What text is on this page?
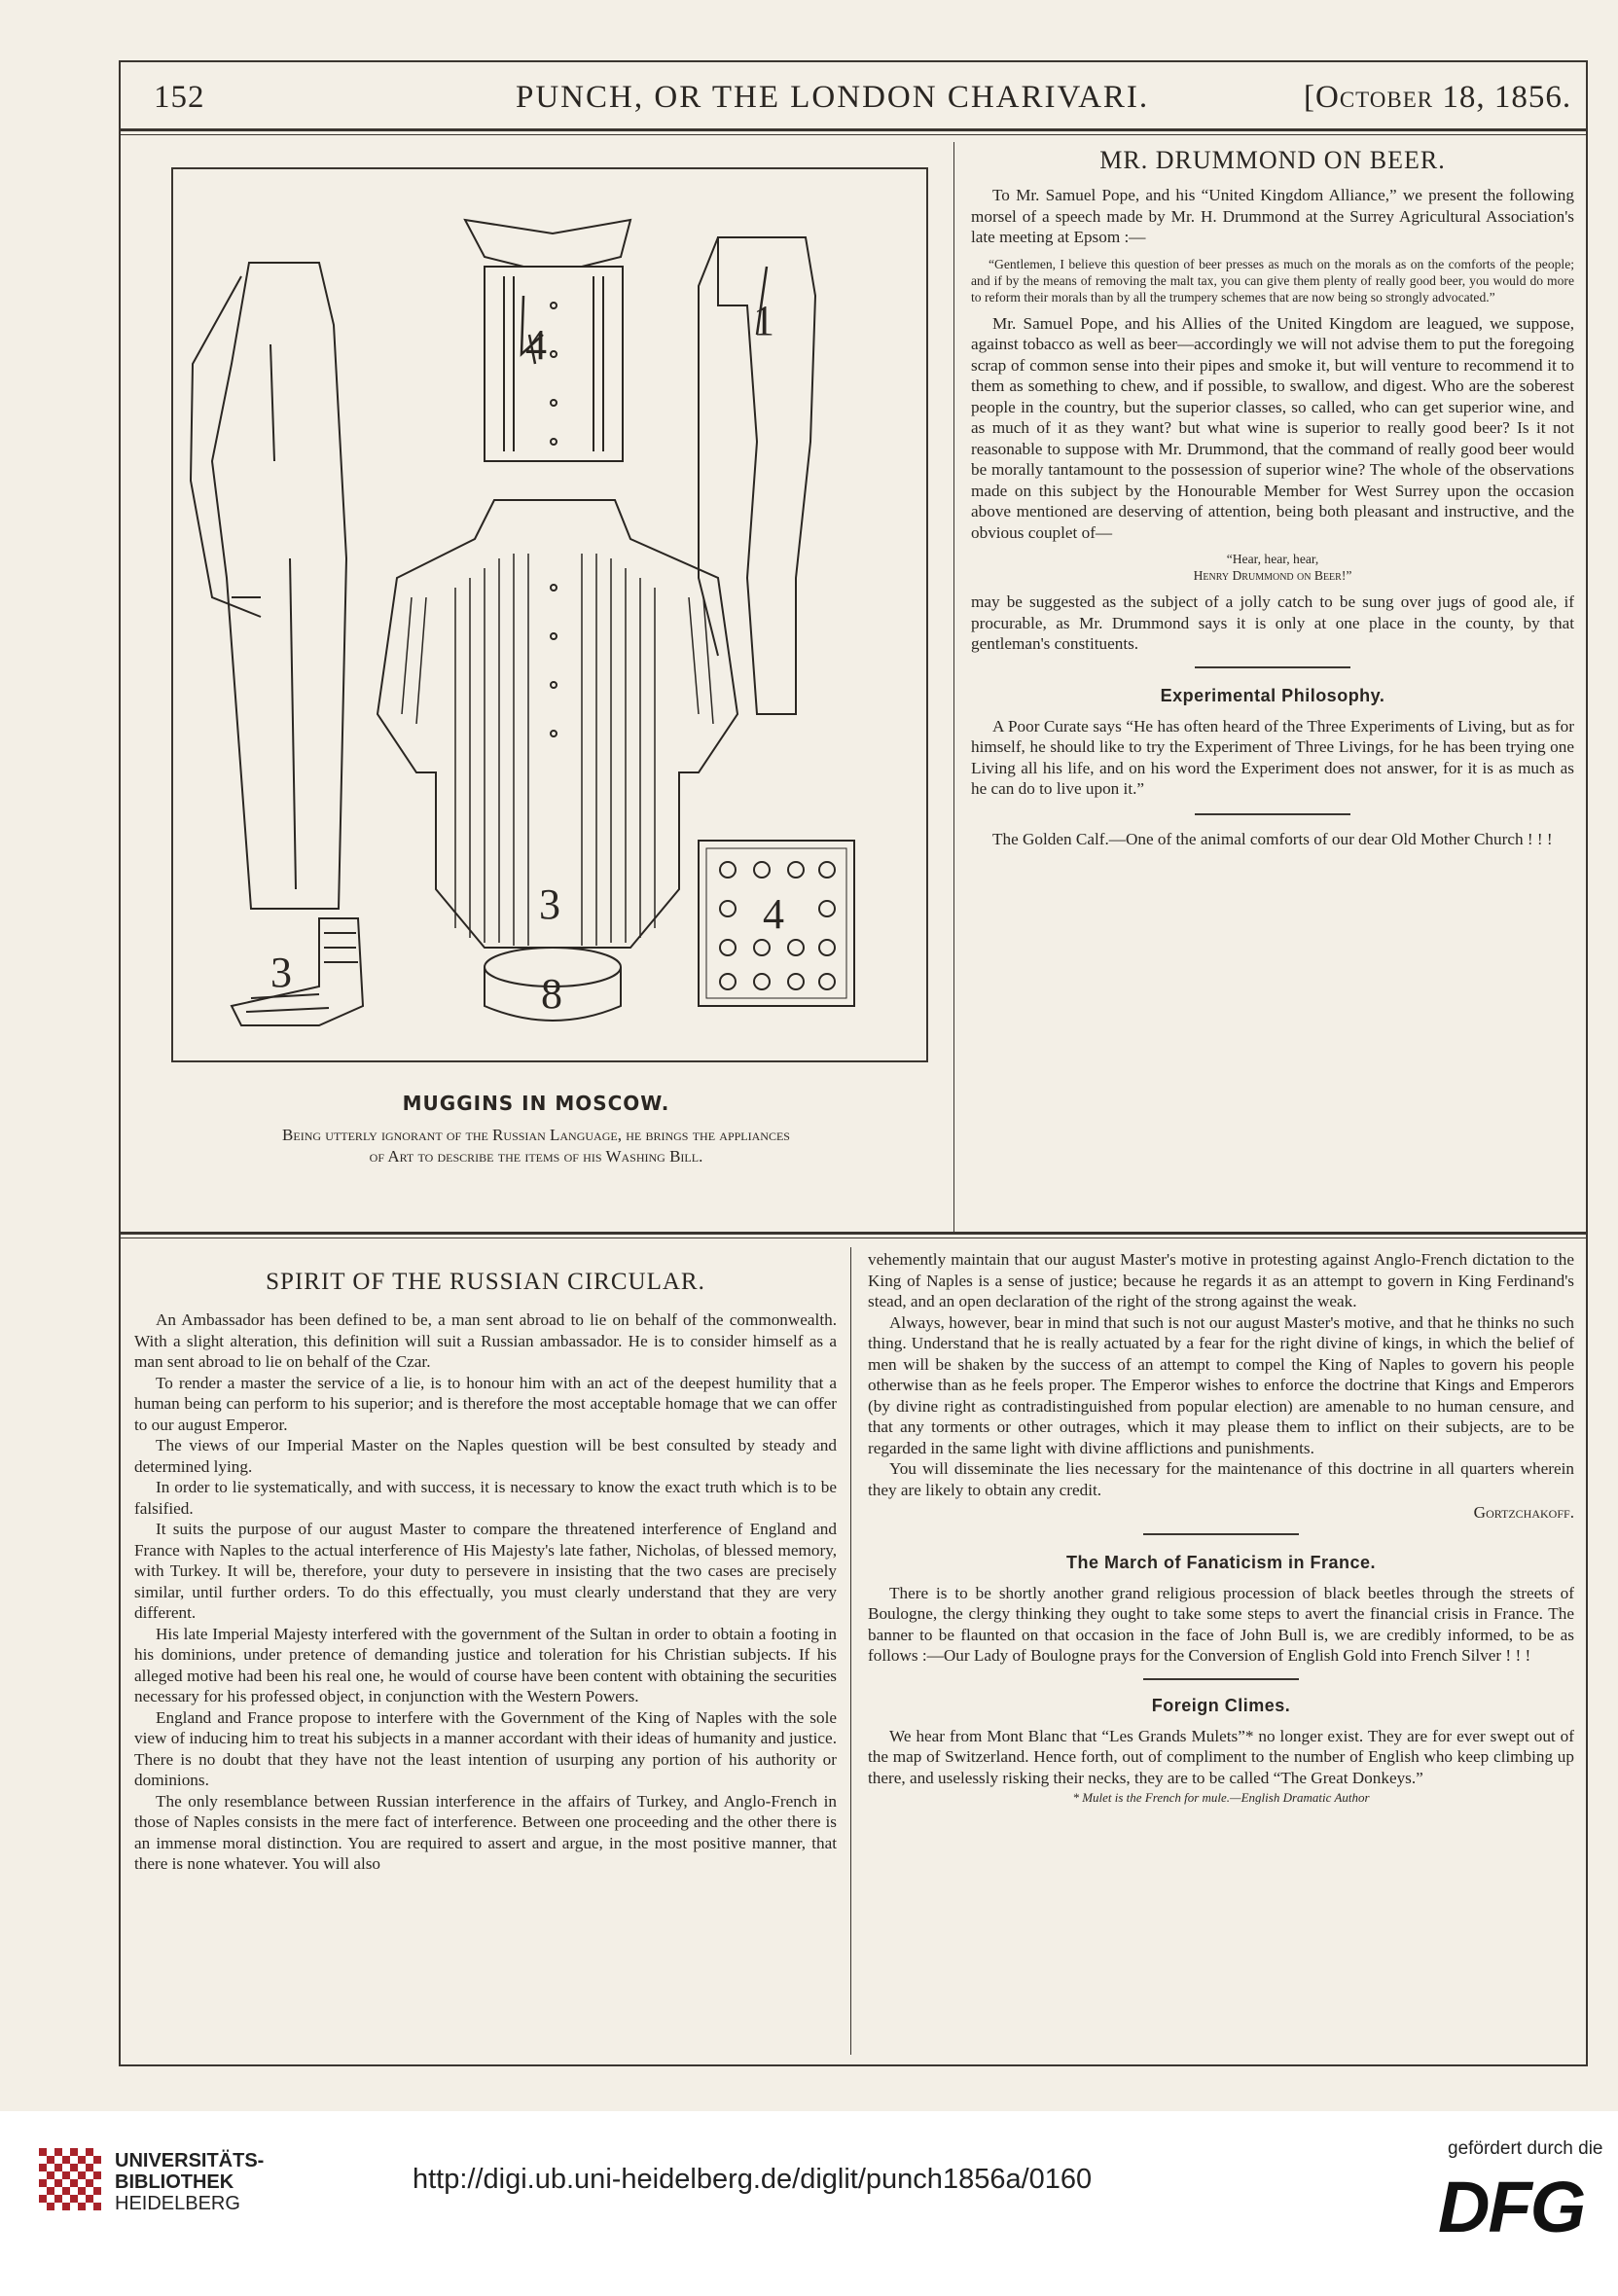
152	PUNCH, OR THE LONDON CHARIVARI.	[October 18, 1856.
4
1
3
8
3
4
MUGGINS IN MOSCOW.
Being utterly ignorant of the Russian Language, he brings the appliances
of Art to describe the items of his Washing Bill.
MR. DRUMMOND ON BEER.

To Mr. Samuel Pope, and his “United Kingdom Alliance,” we present the following morsel of a speech made by Mr. H. Drummond at the Surrey Agricultural Association's late meeting at Epsom :—

“Gentlemen, I believe this question of beer presses as much on the morals as on the comforts of the people; and if by the means of removing the malt tax, you can give them plenty of really good beer, you would do more to reform their morals than by all the trumpery schemes that are now being so strongly advocated.”

Mr. Samuel Pope, and his Allies of the United Kingdom are leagued, we suppose, against tobacco as well as beer—accordingly we will not advise them to put the foregoing scrap of common sense into their pipes and smoke it, but will venture to recommend it to them as something to chew, and if possible, to swallow, and digest. Who are the soberest people in the country, but the superior classes, so called, who can get superior wine, and as much of it as they want? but what wine is superior to really good beer? Is it not reasonable to suppose with Mr. Drummond, that the command of really good beer would be morally tantamount to the possession of superior wine? The whole of the observations made on this subject by the Honourable Member for West Surrey upon the occasion above mentioned are deserving of attention, being both pleasant and instructive, and the obvious couplet of—

“Hear, hear, hear,
Henry Drummond on Beer!”

may be suggested as the subject of a jolly catch to be sung over jugs of good ale, if procurable, as Mr. Drummond says it is only at one place in the county, by that gentleman's constituents.

Experimental Philosophy.

A Poor Curate says “He has often heard of the Three Experiments of Living, but as for himself, he should like to try the Experiment of Three Livings, for he has been trying one Living all his life, and on his word the Experiment does not answer, for it is as much as he can do to live upon it.”

The Golden Calf.—One of the animal comforts of our dear Old Mother Church ! ! !

SPIRIT OF THE RUSSIAN CIRCULAR.

An Ambassador has been defined to be, a man sent abroad to lie on behalf of the commonwealth. With a slight alteration, this definition will suit a Russian ambassador. He is to consider himself as a man sent abroad to lie on behalf of the Czar.

To render a master the service of a lie, is to honour him with an act of the deepest humility that a human being can perform to his superior; and is therefore the most acceptable homage that we can offer to our august Emperor.

The views of our Imperial Master on the Naples question will be best consulted by steady and determined lying.

In order to lie systematically, and with success, it is necessary to know the exact truth which is to be falsified.

It suits the purpose of our august Master to compare the threatened interference of England and France with Naples to the actual interference of His Majesty's late father, Nicholas, of blessed memory, with Turkey. It will be, therefore, your duty to persevere in insisting that the two cases are precisely similar, until further orders. To do this effectually, you must clearly understand that they are very different.

His late Imperial Majesty interfered with the government of the Sultan in order to obtain a footing in his dominions, under pretence of demanding justice and toleration for his Christian subjects. If his alleged motive had been his real one, he would of course have been content with obtaining the securities necessary for his professed object, in conjunction with the Western Powers.

England and France propose to interfere with the Government of the King of Naples with the sole view of inducing him to treat his subjects in a manner accordant with their ideas of humanity and justice. There is no doubt that they have not the least intention of usurping any portion of his authority or dominions.

The only resemblance between Russian interference in the affairs of Turkey, and Anglo-French in those of Naples consists in the mere fact of interference. Between one proceeding and the other there is an immense moral distinction. You are required to assert and argue, in the most positive manner, that there is none whatever. You will also

vehemently maintain that our august Master's motive in protesting against Anglo-French dictation to the King of Naples is a sense of justice; because he regards it as an attempt to govern in King Ferdinand's stead, and an open declaration of the right of the strong against the weak.

Always, however, bear in mind that such is not our august Master's motive, and that he thinks no such thing. Understand that he is really actuated by a fear for the right divine of kings, in which the belief of men will be shaken by the success of an attempt to compel the King of Naples to govern his people otherwise than as he feels proper. The Emperor wishes to enforce the doctrine that Kings and Emperors (by divine right as contradistinguished from popular election) are amenable to no human censure, and that any torments or other outrages, which it may please them to inflict on their subjects, are to be regarded in the same light with divine afflictions and punishments.

You will disseminate the lies necessary for the maintenance of this doctrine in all quarters wherein they are likely to obtain any credit.

Gortzchakoff.
The March of Fanaticism in France.

There is to be shortly another grand religious procession of black beetles through the streets of Boulogne, the clergy thinking they ought to take some steps to avert the financial crisis in France. The banner to be flaunted on that occasion in the face of John Bull is, we are credibly informed, to be as follows :—Our Lady of Boulogne prays for the Conversion of English Gold into French Silver ! ! !

Foreign Climes.

We hear from Mont Blanc that “Les Grands Mulets”* no longer exist. They are for ever swept out of the map of Switzerland. Hence forth, out of compliment to the number of English who keep climbing up there, and uselessly risking their necks, they are to be called “The Great Donkeys.”

* Mulet is the French for mule.—English Dramatic Author
UNIVERSITÄTS-
BIBLIOTHEK
HEIDELBERG
http://digi.ub.uni-heidelberg.de/diglit/punch1856a/0160
gefördert durch die
DFG
